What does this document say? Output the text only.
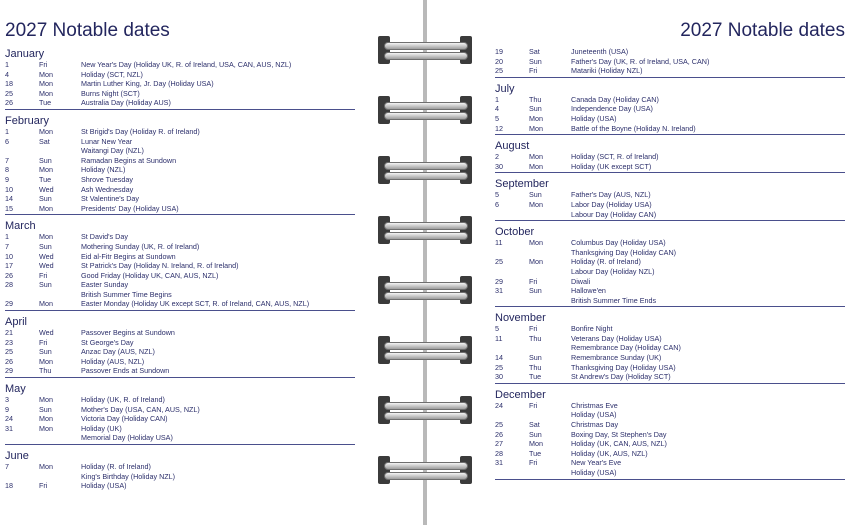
2027 Notable dates
January
1	Fri	New Year's Day (Holiday UK, R. of Ireland, USA, CAN, AUS, NZL)
4	Mon	Holiday (SCT, NZL)
18	Mon	Martin Luther King, Jr. Day (Holiday USA)
25	Mon	Burns Night (SCT)
26	Tue	Australia Day (Holiday AUS)
February
1	Mon	St Brigid's Day (Holiday R. of Ireland)
6	Sat	Lunar New Year
Waitangi Day (NZL)
7	Sun	Ramadan Begins at Sundown
8	Mon	Holiday (NZL)
9	Tue	Shrove Tuesday
10	Wed	Ash Wednesday
14	Sun	St Valentine's Day
15	Mon	Presidents' Day (Holiday USA)
March
1	Mon	St David's Day
7	Sun	Mothering Sunday (UK, R. of Ireland)
10	Wed	Eid al-Fitr Begins at Sundown
17	Wed	St Patrick's Day (Holiday N. Ireland, R. of Ireland)
26	Fri	Good Friday (Holiday UK, CAN, AUS, NZL)
28	Sun	Easter Sunday
British Summer Time Begins
29	Mon	Easter Monday (Holiday UK except SCT, R. of Ireland, CAN, AUS, NZL)
April
21	Wed	Passover Begins at Sundown
23	Fri	St George's Day
25	Sun	Anzac Day (AUS, NZL)
26	Mon	Holiday (AUS, NZL)
29	Thu	Passover Ends at Sundown
May
3	Mon	Holiday (UK, R. of Ireland)
9	Sun	Mother's Day (USA, CAN, AUS, NZL)
24	Mon	Victoria Day (Holiday CAN)
31	Mon	Holiday (UK)
Memorial Day (Holiday USA)
June
7	Mon	Holiday (R. of Ireland)
King's Birthday (Holiday NZL)
18	Fri	Holiday (USA)
2027 Notable dates
19	Sat	Juneteenth (USA)
20	Sun	Father's Day (UK, R. of Ireland, USA, CAN)
25	Fri	Matariki (Holiday NZL)
July
1	Thu	Canada Day (Holiday CAN)
4	Sun	Independence Day (USA)
5	Mon	Holiday (USA)
12	Mon	Battle of the Boyne (Holiday N. Ireland)
August
2	Mon	Holiday (SCT, R. of Ireland)
30	Mon	Holiday (UK except SCT)
September
5	Sun	Father's Day (AUS, NZL)
6	Mon	Labor Day (Holiday USA)
Labour Day (Holiday CAN)
October
11	Mon	Columbus Day (Holiday USA)
Thanksgiving Day (Holiday CAN)
25	Mon	Holiday (R. of Ireland)
Labour Day (Holiday NZL)
29	Fri	Diwali
31	Sun	Hallowe'en
British Summer Time Ends
November
5	Fri	Bonfire Night
11	Thu	Veterans Day (Holiday USA)
Remembrance Day (Holiday CAN)
14	Sun	Remembrance Sunday (UK)
25	Thu	Thanksgiving Day (Holiday USA)
30	Tue	St Andrew's Day (Holiday SCT)
December
24	Fri	Christmas Eve
Holiday (USA)
25	Sat	Christmas Day
26	Sun	Boxing Day, St Stephen's Day
27	Mon	Holiday (UK, CAN, AUS, NZL)
28	Tue	Holiday (UK, AUS, NZL)
31	Fri	New Year's Eve
Holiday (USA)
